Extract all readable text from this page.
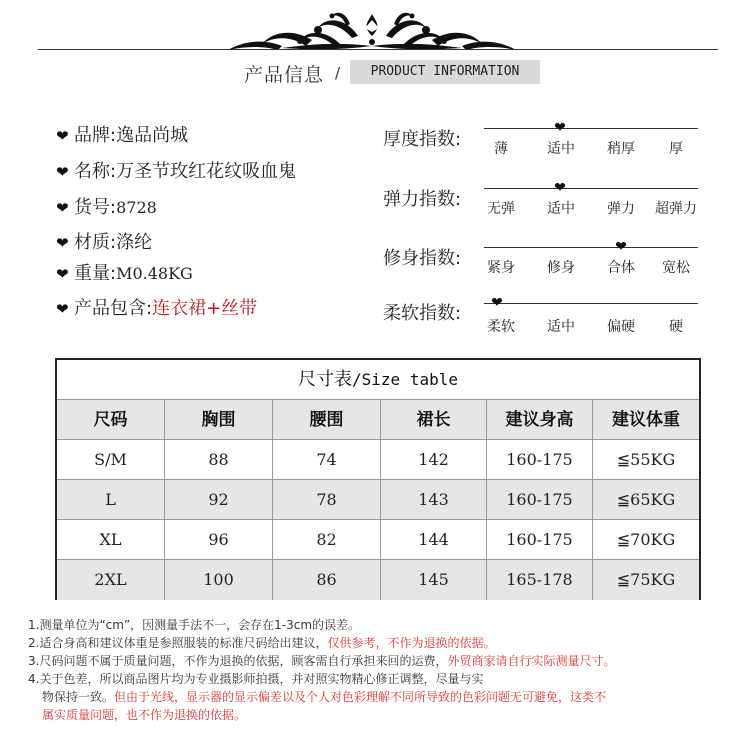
产品信息 /	PRODUCT INFORMATION
❤ 品牌:逸品尚城
❤ 名称:万圣节玫红花纹吸血鬼
❤ 货号:8728
❤ 材质:涤纶
❤ 重量:M0.48KG
❤ 产品包含:连衣裙+丝带
厚度指数:
❤
薄	适中	稍厚	厚
弹力指数:
❤
无弹	适中	弹力	超弹力
修身指数:
❤
紧身	修身	合体	宽松
柔软指数: ❤
柔软	适中	偏硬	硬
尺寸表/Size table
尺码	胸围	腰围	裙长	建议身高	建议体重
S/M	88	74	142	160-175	≦55KG
L	92	78	143	160-175	≦65KG
XL	96	82	144	160-175	≦70KG
2XL	100	86	145	165-178	≦75KG
1.测量单位为“cm”，因测量手法不一，会存在1-3cm的误差。
2.适合身高和建议体重是参照服装的标准尺码给出建议，仅供参考，不作为退换的依据。
3.尺码问题不属于质量问题，不作为退换的依据，顾客需自行承担来回的运费，外贸商家请自行实际测量尺寸。
4.关于色差，所以商品图片均为专业摄影师拍摄，并对照实物精心修正调整，尽量与实
物保持一致。但由于光线，显示器的显示偏差以及个人对色彩理解不同所导致的色彩问题无可避免，这类不
属实质量问题，也不作为退换的依据。
